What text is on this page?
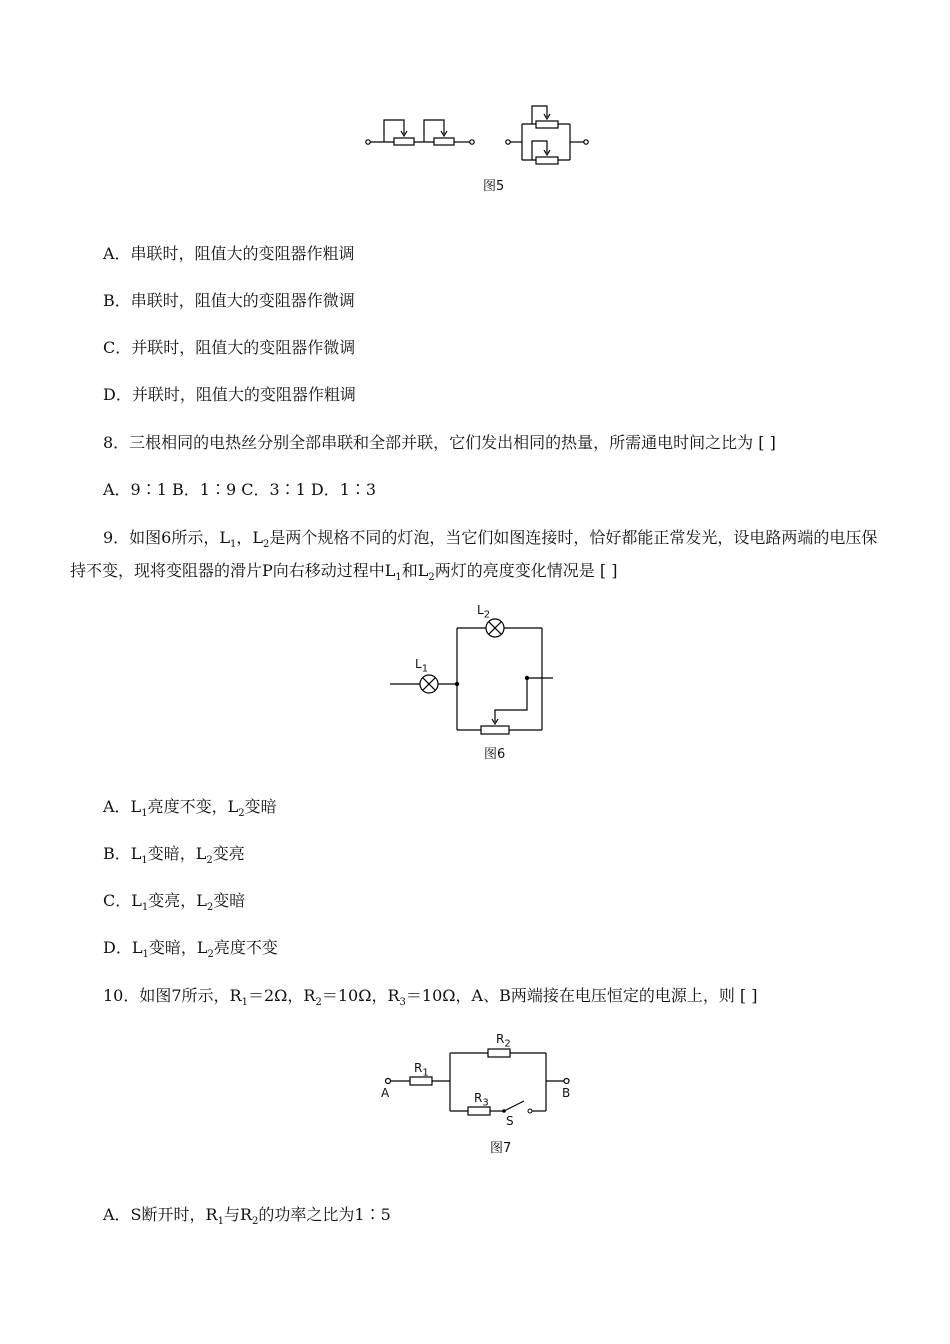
图5
A．串联时，阻值大的变阻器作粗调
B．串联时，阻值大的变阻器作微调
C．并联时，阻值大的变阻器作微调
D．并联时，阻值大的变阻器作粗调
8．三根相同的电热丝分别全部串联和全部并联，它们发出相同的热量，所需通电时间之比为 [ ]
A．9∶1 B．1∶9 C．3∶1 D．1∶3
9．如图6所示，$L_1$，$L_2$是两个规格不同的灯泡，当它们如图连接时，恰好都能正常发光，设电路两端的电压保持不变，现将变阻器的滑片P向右移动过程中$L_1$和$L_2$两灯的亮度变化情况是 [ ]
$L_1$
$L_2$
图6
A．$L_1$亮度不变，$L_2$变暗
B．$L_1$变暗，$L_2$变亮
C．$L_1$变亮，$L_2$变暗
D．$L_1$变暗，$L_2$亮度不变
10．如图7所示，$R_1=2\Omega$，$R_2=10\Omega$，$R_3=10\Omega$，A、B两端接在电压恒定的电源上，则 [ ]
$R_1$
$R_2$
$R_3$
A	B
S
图7
A．S断开时，$R_1$与$R_2$的功率之比为1∶5
